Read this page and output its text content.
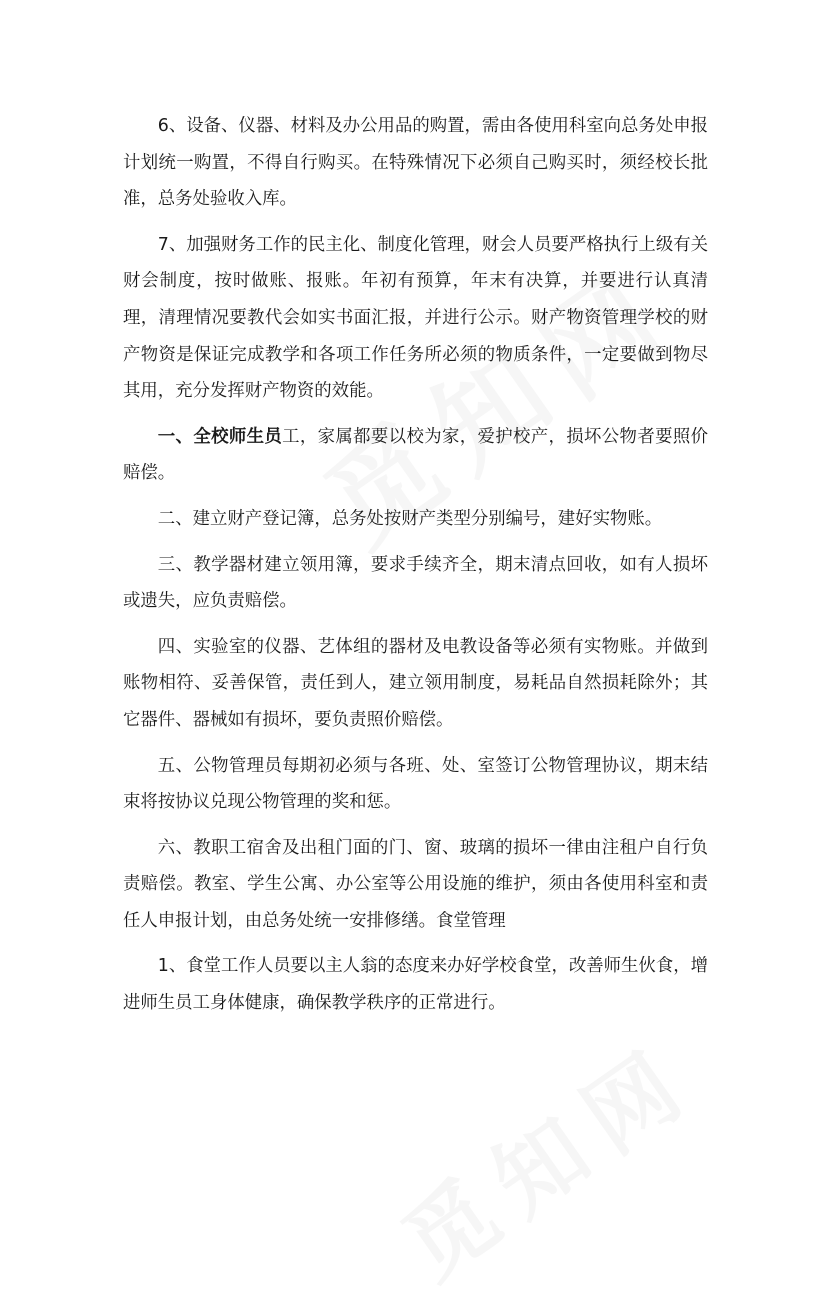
6、设备、仪器、材料及办公用品的购置，需由各使用科室向总务处申报计划统一购置，不得自行购买。在特殊情况下必须自己购买时，须经校长批准，总务处验收入库。

7、加强财务工作的民主化、制度化管理，财会人员要严格执行上级有关财会制度，按时做账、报账。年初有预算，年末有决算，并要进行认真清理，清理情况要教代会如实书面汇报，并进行公示。财产物资管理学校的财产物资是保证完成教学和各项工作任务所必须的物质条件，一定要做到物尽其用，充分发挥财产物资的效能。

一、全校师生员工，家属都要以校为家，爱护校产，损坏公物者要照价赔偿。

二、建立财产登记簿，总务处按财产类型分别编号，建好实物账。

三、教学器材建立领用簿，要求手续齐全，期末清点回收，如有人损坏或遗失，应负责赔偿。

四、实验室的仪器、艺体组的器材及电教设备等必须有实物账。并做到账物相符、妥善保管，责任到人，建立领用制度，易耗品自然损耗除外；其它器件、器械如有损坏，要负责照价赔偿。

五、公物管理员每期初必须与各班、处、室签订公物管理协议，期末结束将按协议兑现公物管理的奖和惩。

六、教职工宿舍及出租门面的门、窗、玻璃的损坏一律由注租户自行负责赔偿。教室、学生公寓、办公室等公用设施的维护，须由各使用科室和责任人申报计划，由总务处统一安排修缮。食堂管理

1、食堂工作人员要以主人翁的态度来办好学校食堂，改善师生伙食，增进师生员工身体健康，确保教学秩序的正常进行。
